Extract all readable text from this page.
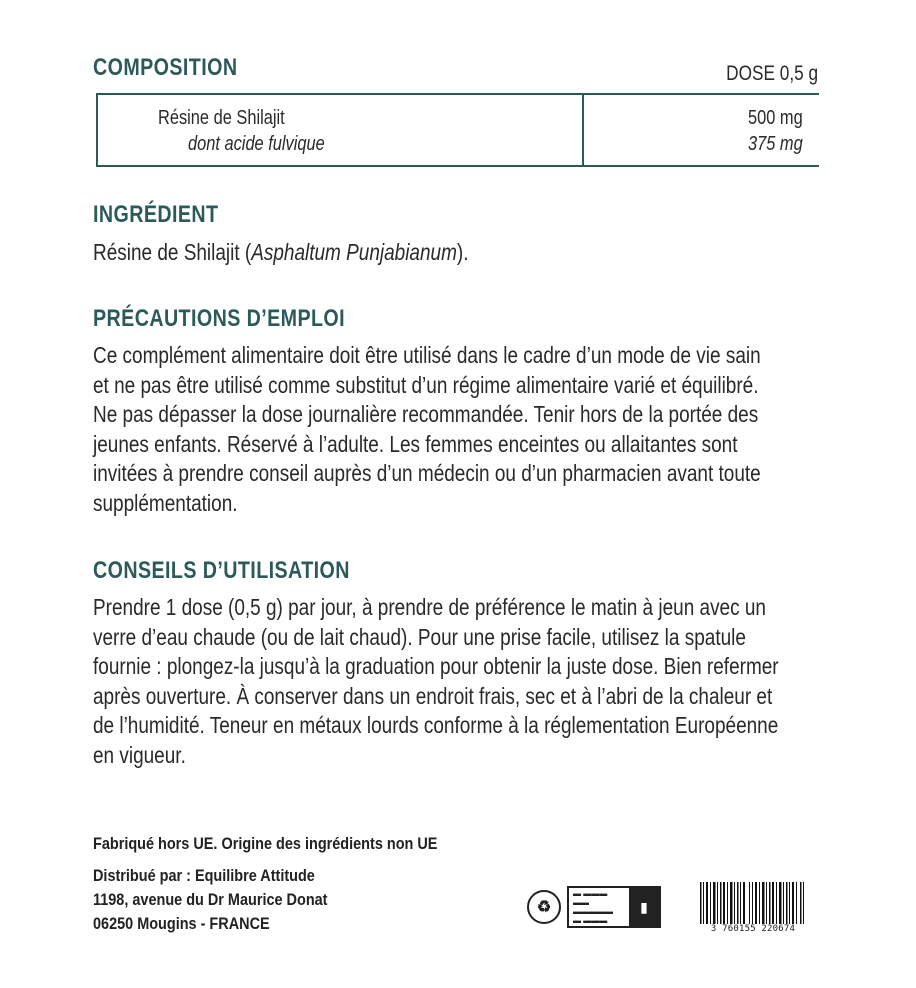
COMPOSITION	DOSE 0,5 g
Résine de Shilajit
dont acide fulvique
500 mg
375 mg
INGRÉDIENT
Résine de Shilajit (Asphaltum Punjabianum).
PRÉCAUTIONS D’EMPLOI
Ce complément alimentaire doit être utilisé dans le cadre d’un mode de vie sain
et ne pas être utilisé comme substitut d’un régime alimentaire varié et équilibré.
Ne pas dépasser la dose journalière recommandée. Tenir hors de la portée des
jeunes enfants. Réservé à l’adulte. Les femmes enceintes ou allaitantes sont
invitées à prendre conseil auprès d’un médecin ou d’un pharmacien avant toute
supplémentation.
CONSEILS D’UTILISATION
Prendre 1 dose (0,5 g) par jour, à prendre de préférence le matin à jeun avec un
verre d’eau chaude (ou de lait chaud). Pour une prise facile, utilisez la spatule
fournie : plongez-la jusqu’à la graduation pour obtenir la juste dose. Bien refermer
après ouverture. À conserver dans un endroit frais, sec et à l’abri de la chaleur et
de l’humidité. Teneur en métaux lourds conforme à la réglementation Européenne
en vigueur.
Fabriqué hors UE. Origine des ingrédients non UE
Distribué par : Equilibre Attitude
1198, avenue du Dr Maurice Donat
06250 Mougins - FRANCE
♻
▬ ▬▬▬
▬▬ ▬▬▬▬▬
▬ ▬▬▬
▮
3 760155 220674
